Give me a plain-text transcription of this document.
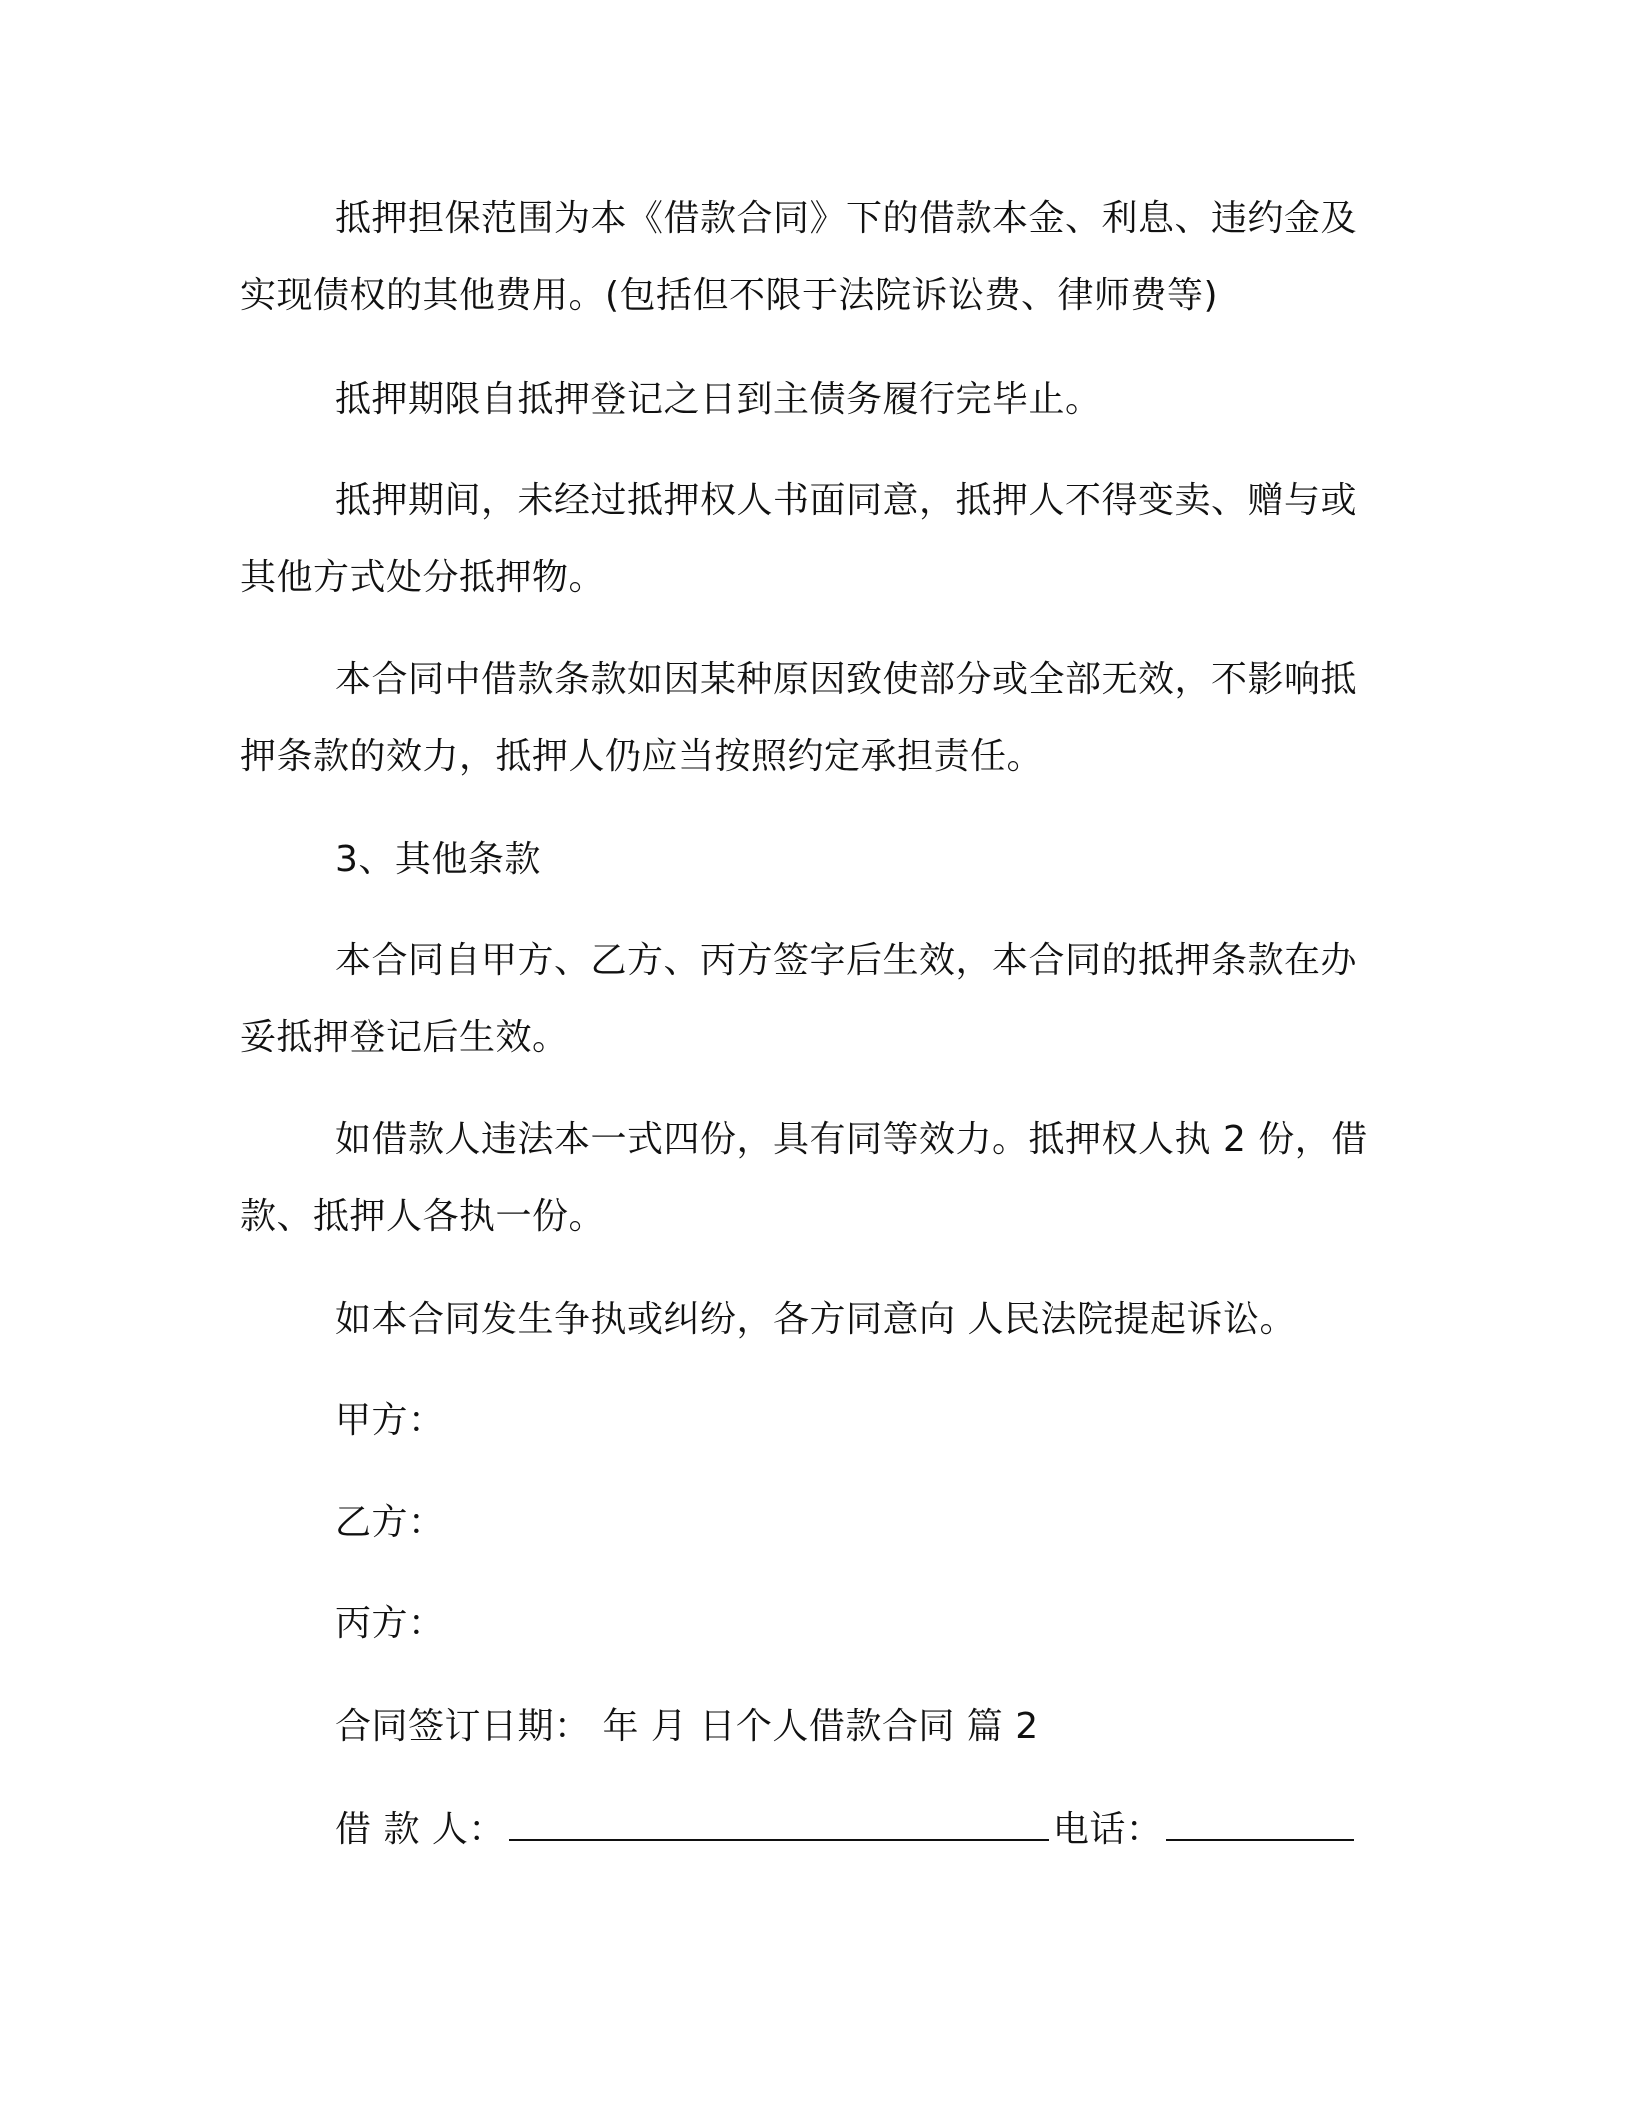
抵押担保范围为本《借款合同》下的借款本金、利息、违约金及
实现债权的其他费用。(包括但不限于法院诉讼费、律师费等)
抵押期限自抵押登记之日到主债务履行完毕止。
抵押期间，未经过抵押权人书面同意，抵押人不得变卖、赠与或
其他方式处分抵押物。
本合同中借款条款如因某种原因致使部分或全部无效，不影响抵
押条款的效力，抵押人仍应当按照约定承担责任。
3、其他条款
本合同自甲方、乙方、丙方签字后生效，本合同的抵押条款在办
妥抵押登记后生效。
如借款人违法本一式四份，具有同等效力。抵押权人执 2 份，借
款、抵押人各执一份。
如本合同发生争执或纠纷，各方同意向 人民法院提起诉讼。
甲方：
乙方：
丙方：
合同签订日期： 年 月 日个人借款合同 篇 2
借 款 人：	电话：
